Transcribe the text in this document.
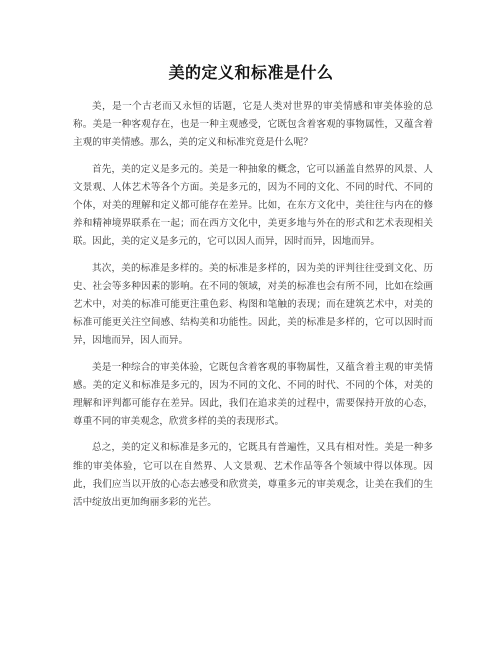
美的定义和标准是什么

美，是一个古老而又永恒的话题，它是人类对世界的审美情感和审美体验的总称。美是一种客观存在，也是一种主观感受，它既包含着客观的事物属性，又蕴含着主观的审美情感。那么，美的定义和标准究竟是什么呢？

首先，美的定义是多元的。美是一种抽象的概念，它可以涵盖自然界的风景、人文景观、人体艺术等各个方面。美是多元的，因为不同的文化、不同的时代、不同的个体，对美的理解和定义都可能存在差异。比如，在东方文化中，美往往与内在的修养和精神境界联系在一起；而在西方文化中，美更多地与外在的形式和艺术表现相关联。因此，美的定义是多元的，它可以因人而异，因时而异，因地而异。

其次，美的标准是多样的。美的标准是多样的，因为美的评判往往受到文化、历史、社会等多种因素的影响。在不同的领域，对美的标准也会有所不同，比如在绘画艺术中，对美的标准可能更注重色彩、构图和笔触的表现；而在建筑艺术中，对美的标准可能更关注空间感、结构美和功能性。因此，美的标准是多样的，它可以因时而异，因地而异，因人而异。

美是一种综合的审美体验，它既包含着客观的事物属性，又蕴含着主观的审美情感。美的定义和标准是多元的，因为不同的文化、不同的时代、不同的个体，对美的理解和评判都可能存在差异。因此，我们在追求美的过程中，需要保持开放的心态，尊重不同的审美观念，欣赏多样的美的表现形式。

总之，美的定义和标准是多元的，它既具有普遍性，又具有相对性。美是一种多维的审美体验，它可以在自然界、人文景观、艺术作品等各个领域中得以体现。因此，我们应当以开放的心态去感受和欣赏美，尊重多元的审美观念，让美在我们的生活中绽放出更加绚丽多彩的光芒。
